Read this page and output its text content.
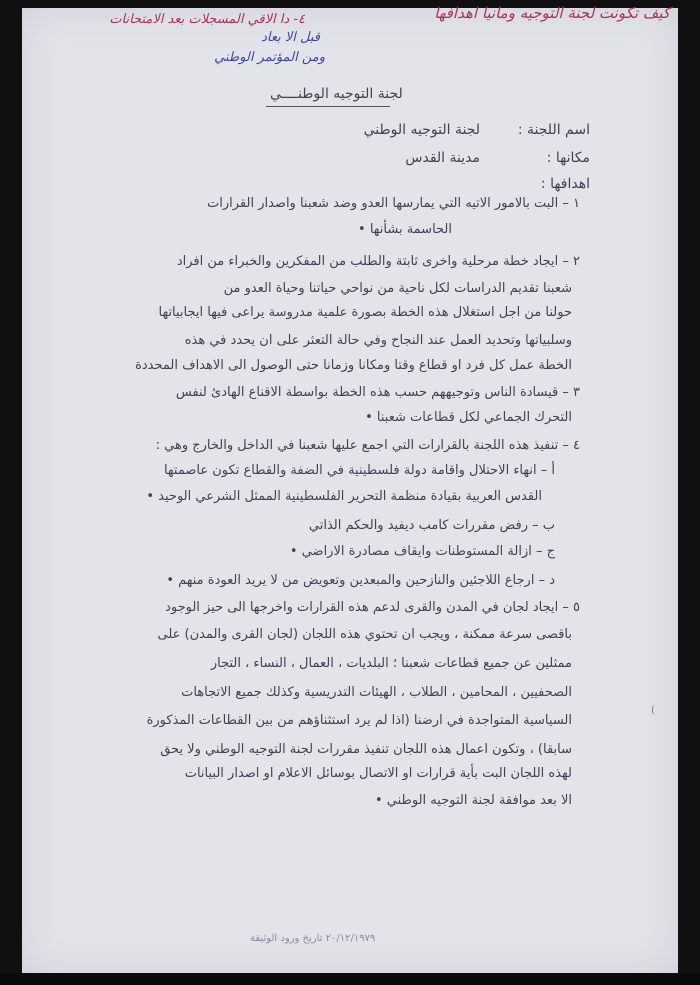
كيف تكونت لجنة التوجيه ومانيا اهدافها
٤- دا الاقي المسجلات بعد الامتحانات
قبل الا بعاد
ومن المؤتمر الوطني
لجنة التوجيه الوطنــــي
اسم اللجنة :
لجنة التوجيه الوطني
مكانها :
مدينة القدس
اهدافها :
١ – البت بالامور الاتيه التي يمارسها العدو وضد شعبنا واصدار القرارات
الحاسمة بشأنها •
٢ – ايجاد خطة مرحلية واخرى ثابتة والطلب من المفكرين والخبراء من افراد
شعبنا تقديم الدراسات لكل ناحية من نواحي حياتنا وحياة العدو من
حولنا من اجل استغلال هذه الخطة بصورة علمية مدروسة يراعى فيها ايجابياتها
وسلبياتها وتحديد العمل عند النجاح وفي حالة التعثر على ان يحدد في هذه
الخطة عمل كل فرد او قطاع وقتا ومكانا وزمانا حتى الوصول الى الاهداف المحددة
٣ – قيسادة الناس وتوجيههم حسب هذه الخطة بواسطة الاقناع الهادئ لنفس
التحرك الجماعي لكل قطاعات شعبنا •
٤ – تنفيذ هذه اللجنة بالقرارات التي اجمع عليها شعبنا في الداخل والخارج وهي :
أ – انهاء الاحتلال واقامة دولة فلسطينية في الضفة والقطاع تكون عاصمتها
القدس العربية بقيادة منظمة التحرير الفلسطينية الممثل الشرعي الوحيد •
ب – رفض مقررات كامب ديفيد والحكم الذاتي
ج – ازالة المستوطنات وايقاف مصادرة الاراضي •
د – ارجاع اللاجئين والنازحين والمبعدين وتعويض من لا يريد العودة منهم •
٥ – ايجاد لجان في المدن والقرى لدعم هذه القرارات واخرجها الى حيز الوجود
باقصى سرعة ممكنة ، ويجب ان تحتوي هذه اللجان (لجان القرى والمدن) على
ممثلين عن جميع قطاعات شعبنا ؛ البلديات ، العمال ، النساء ، التجار
الصحفيين ، المحامين ، الطلاب ، الهيئات التدريسية وكذلك جميع الاتجاهات
السياسية المتواجدة في ارضنا (اذا لم يرد استثناؤهم من بين القطاعات المذكورة
سابقا) ، وتكون اعمال هذه اللجان تنفيذ مقررات لجنة التوجيه الوطني ولا يحق
لهذه اللجان البت بأية قرارات او الاتصال بوسائل الاعلام او اصدار البيانات
الا بعد موافقة لجنة التوجيه الوطني •
٢٠/١٢/١٩٧٩ تاريخ ورود الوثيقة
